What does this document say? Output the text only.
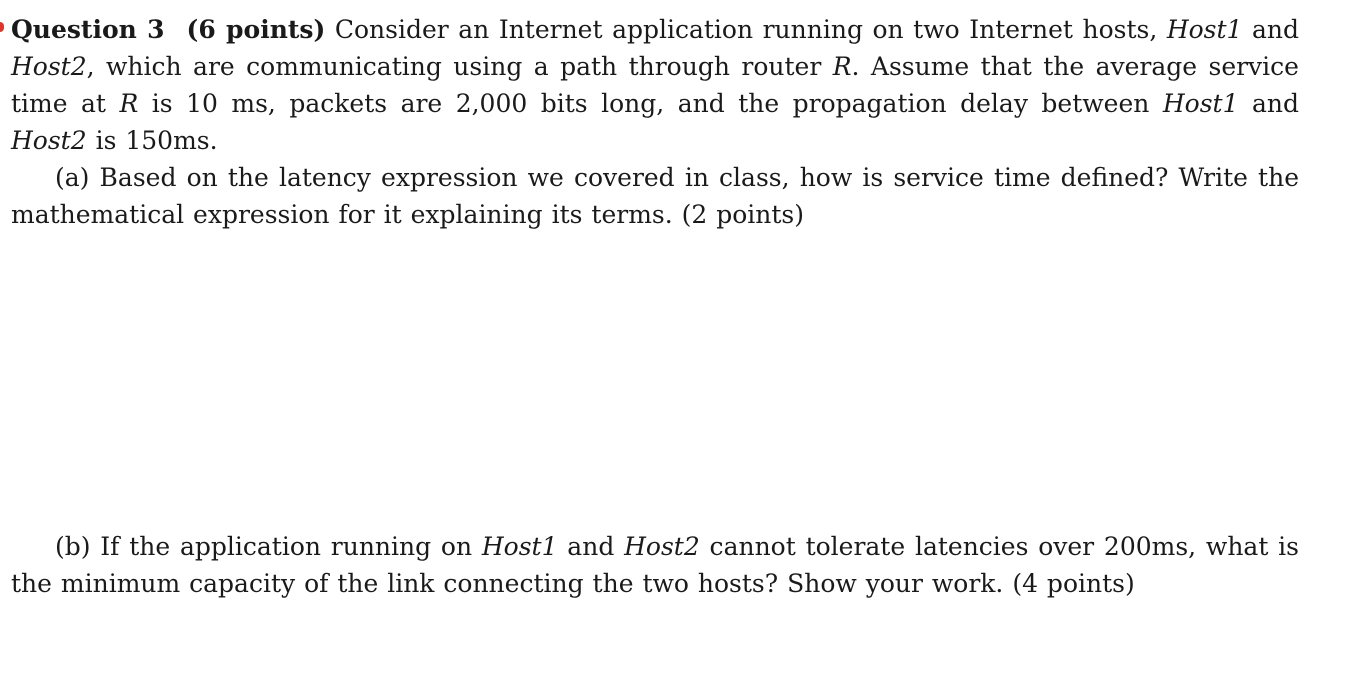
Question 3 (6 points) Consider an Internet application running on two Internet hosts, Host1 and Host2, which are communicating using a path through router R. Assume that the average service time at R is 10 ms, packets are 2,000 bits long, and the propagation delay between Host1 and Host2 is 150ms.

(a) Based on the latency expression we covered in class, how is service time defined? Write the mathematical expression for it explaining its terms. (2 points)

(b) If the application running on Host1 and Host2 cannot tolerate latencies over 200ms, what is the minimum capacity of the link connecting the two hosts? Show your work. (4 points)
